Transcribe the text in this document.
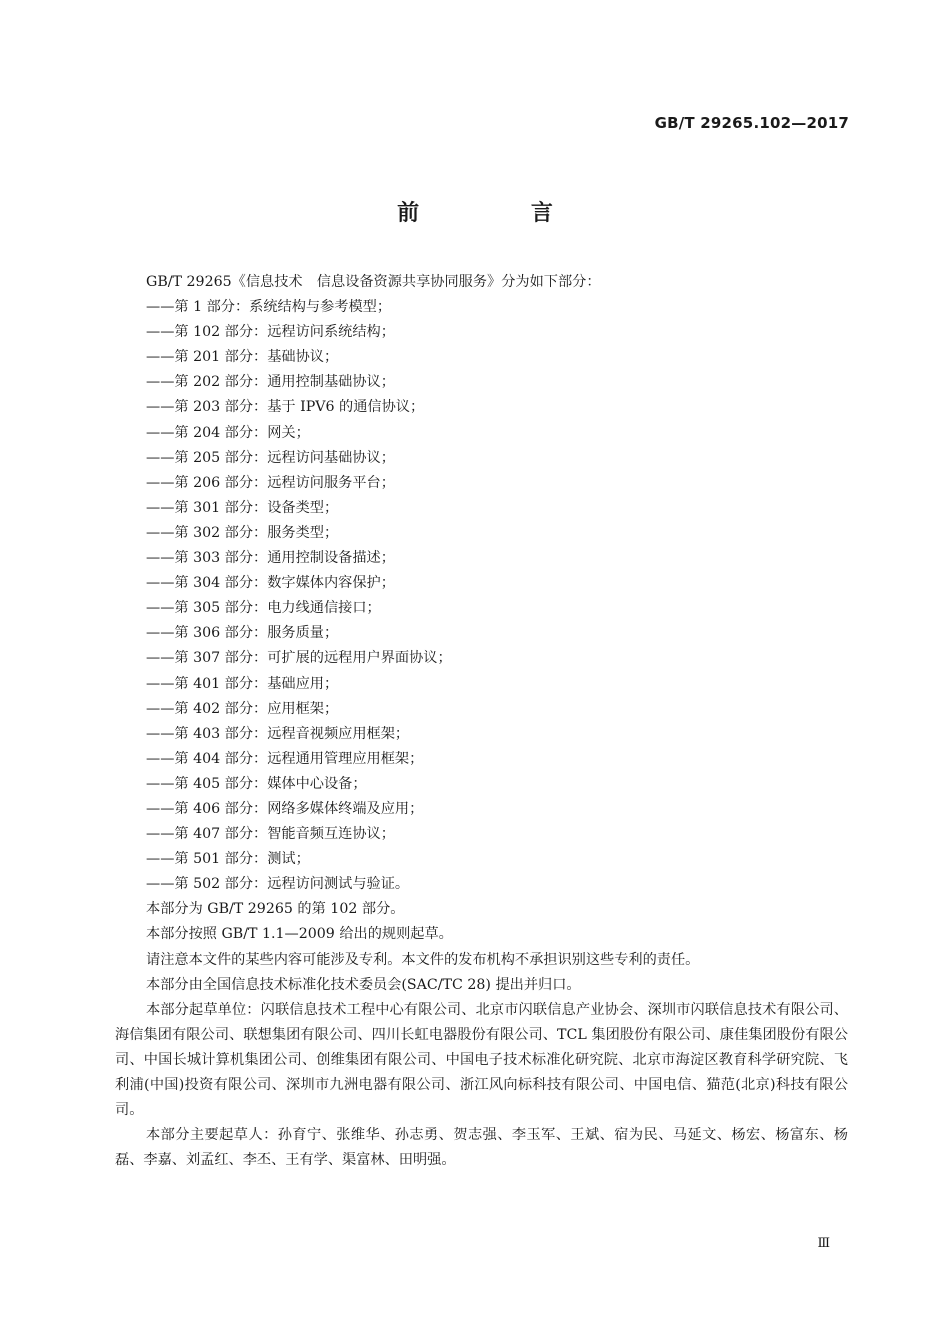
GB/T 29265.102—2017
前 言
GB/T 29265《信息技术　信息设备资源共享协同服务》分为如下部分：
——第 1 部分：系统结构与参考模型；
——第 102 部分：远程访问系统结构；
——第 201 部分：基础协议；
——第 202 部分：通用控制基础协议；
——第 203 部分：基于 IPV6 的通信协议；
——第 204 部分：网关；
——第 205 部分：远程访问基础协议；
——第 206 部分：远程访问服务平台；
——第 301 部分：设备类型；
——第 302 部分：服务类型；
——第 303 部分：通用控制设备描述；
——第 304 部分：数字媒体内容保护；
——第 305 部分：电力线通信接口；
——第 306 部分：服务质量；
——第 307 部分：可扩展的远程用户界面协议；
——第 401 部分：基础应用；
——第 402 部分：应用框架；
——第 403 部分：远程音视频应用框架；
——第 404 部分：远程通用管理应用框架；
——第 405 部分：媒体中心设备；
——第 406 部分：网络多媒体终端及应用；
——第 407 部分：智能音频互连协议；
——第 501 部分：测试；
——第 502 部分：远程访问测试与验证。
本部分为 GB/T 29265 的第 102 部分。
本部分按照 GB/T 1.1—2009 给出的规则起草。
请注意本文件的某些内容可能涉及专利。本文件的发布机构不承担识别这些专利的责任。
本部分由全国信息技术标准化技术委员会(SAC/TC 28) 提出并归口。
本部分起草单位：闪联信息技术工程中心有限公司、北京市闪联信息产业协会、深圳市闪联信息技术有限公司、海信集团有限公司、联想集团有限公司、四川长虹电器股份有限公司、TCL 集团股份有限公司、康佳集团股份有限公司、中国长城计算机集团公司、创维集团有限公司、中国电子技术标准化研究院、北京市海淀区教育科学研究院、飞利浦(中国)投资有限公司、深圳市九洲电器有限公司、浙江风向标科技有限公司、中国电信、猫范(北京)科技有限公司。
本部分主要起草人：孙育宁、张维华、孙志勇、贺志强、李玉军、王斌、宿为民、马延文、杨宏、杨富东、杨磊、李嘉、刘孟红、李丕、王有学、渠富林、田明强。
Ⅲ
